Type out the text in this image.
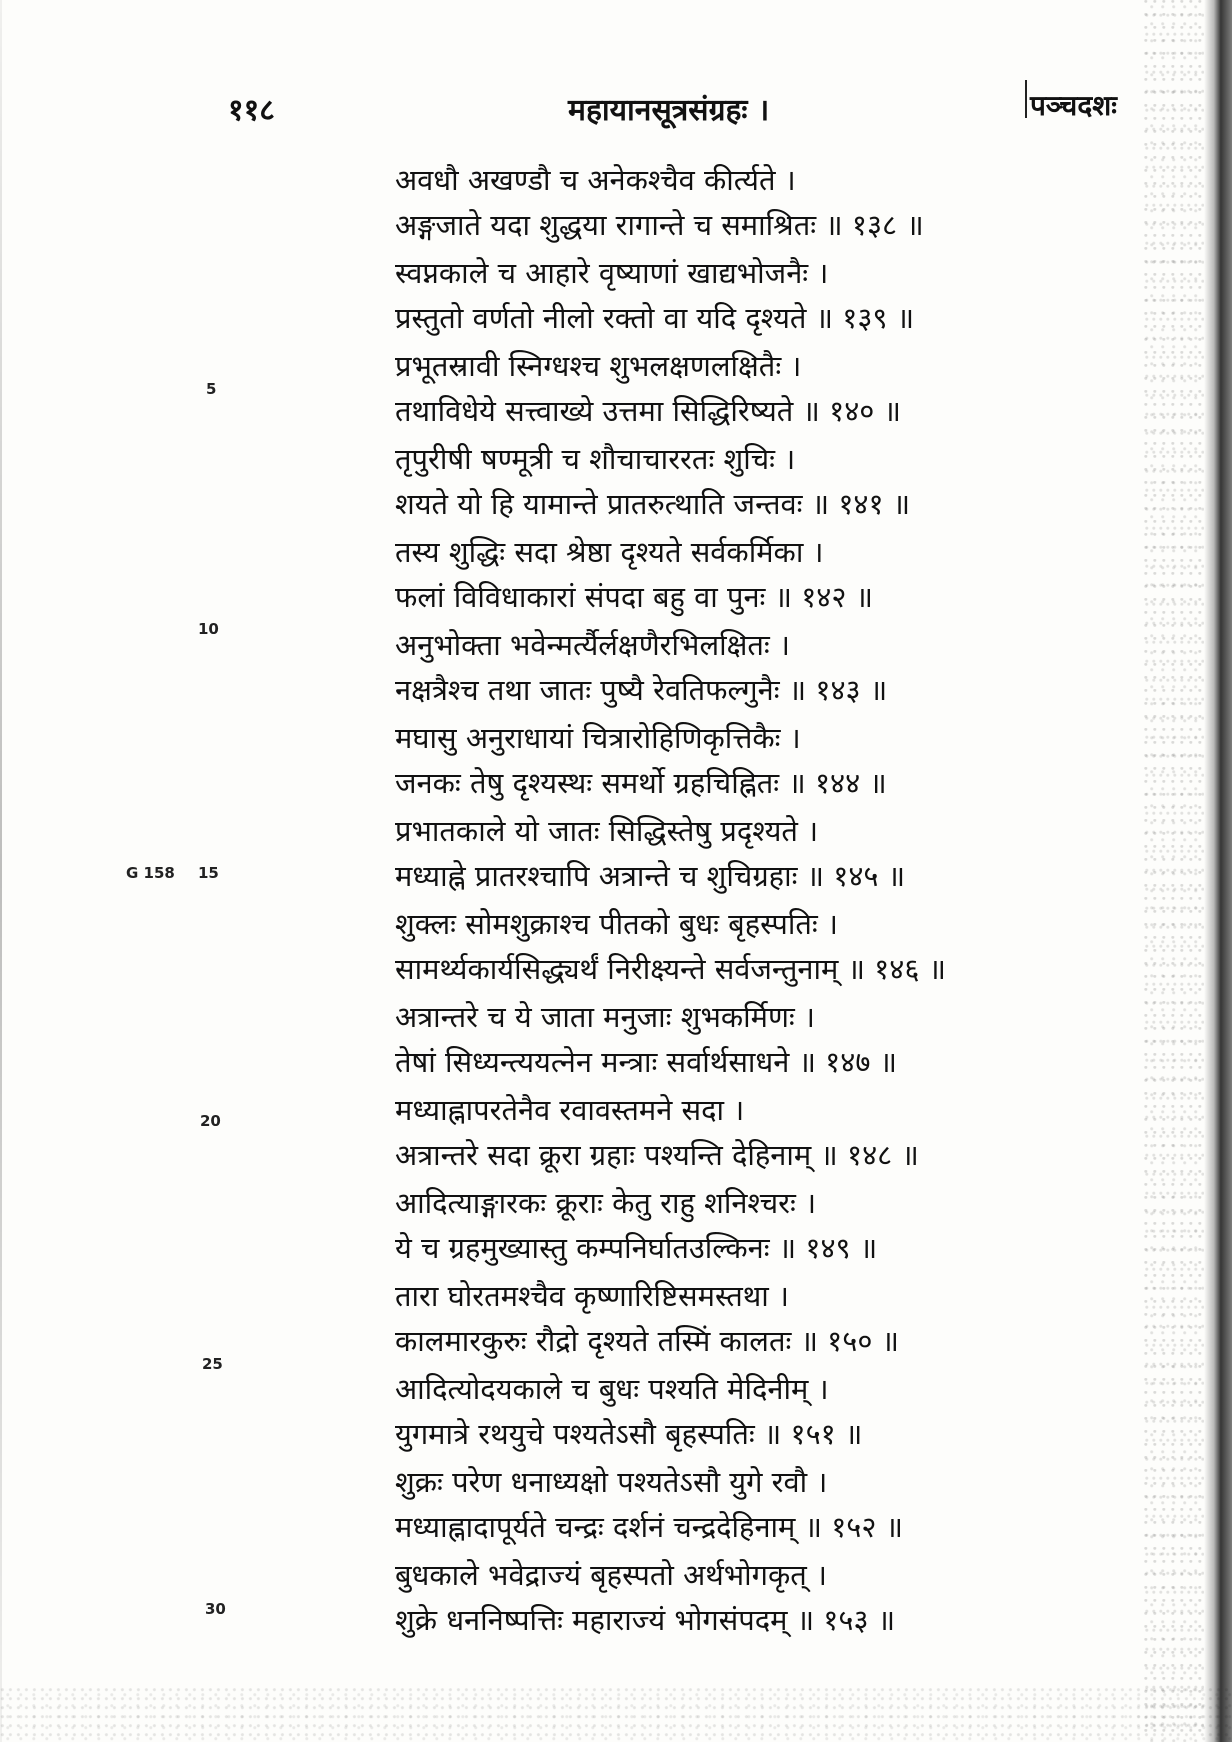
११८	महायानसूत्रसंग्रहः ।	पञ्चदशः
5
10
G 158 15
20
25
30
अवधौ अखण्डौ च अनेकश्चैव कीर्त्यते ।
अङ्गजाते यदा शुद्धया रागान्ते च समाश्रितः ॥ १३८ ॥
स्वप्नकाले च आहारे वृष्याणां खाद्यभोजनैः ।
प्रस्तुतो वर्णतो नीलो रक्तो वा यदि दृश्यते ॥ १३९ ॥
प्रभूतस्रावी स्निग्धश्च शुभलक्षणलक्षितैः ।
तथाविधेये सत्त्वाख्ये उत्तमा सिद्धिरिष्यते ॥ १४० ॥
तृपुरीषी षण्मूत्री च शौचाचाररतः शुचिः ।
शयते यो हि यामान्ते प्रातरुत्थाति जन्तवः ॥ १४१ ॥
तस्य शुद्धिः सदा श्रेष्ठा दृश्यते सर्वकर्मिका ।
फलां विविधाकारां संपदा बहु वा पुनः ॥ १४२ ॥
अनुभोक्ता भवेन्मर्त्यैर्लक्षणैरभिलक्षितः ।
नक्षत्रैश्च तथा जातः पुष्यै रेवतिफल्गुनैः ॥ १४३ ॥
मघासु अनुराधायां चित्रारोहिणिकृत्तिकैः ।
जनकः तेषु दृश्यस्थः समर्थो ग्रहचिह्नितः ॥ १४४ ॥
प्रभातकाले यो जातः सिद्धिस्तेषु प्रदृश्यते ।
मध्याह्ने प्रातरश्चापि अत्रान्ते च शुचिग्रहाः ॥ १४५ ॥
शुक्लः सोमशुक्राश्च पीतको बुधः बृहस्पतिः ।
सामर्थ्यकार्यसिद्ध्यर्थं निरीक्ष्यन्ते सर्वजन्तुनाम् ॥ १४६ ॥
अत्रान्तरे च ये जाता मनुजाः शुभकर्मिणः ।
तेषां सिध्यन्त्ययत्नेन मन्त्राः सर्वार्थसाधने ॥ १४७ ॥
मध्याह्नापरतेनैव रवावस्तमने सदा ।
अत्रान्तरे सदा क्रूरा ग्रहाः पश्यन्ति देहिनाम् ॥ १४८ ॥
आदित्याङ्गारकः क्रूराः केतु राहु शनिश्चरः ।
ये च ग्रहमुख्यास्तु कम्पनिर्घातउल्किनः ॥ १४९ ॥
तारा घोरतमश्चैव कृष्णारिष्टिसमस्तथा ।
कालमारकुरुः रौद्रो दृश्यते तस्मिं कालतः ॥ १५० ॥
आदित्योदयकाले च बुधः पश्यति मेदिनीम् ।
युगमात्रे रथयुचे पश्यतेऽसौ बृहस्पतिः ॥ १५१ ॥
शुक्रः परेण धनाध्यक्षो पश्यतेऽसौ युगे रवौ ।
मध्याह्नादापूर्यते चन्द्रः दर्शनं चन्द्रदेहिनाम् ॥ १५२ ॥
बुधकाले भवेद्राज्यं बृहस्पतो अर्थभोगकृत् ।
शुक्रे धननिष्पत्तिः महाराज्यं भोगसंपदम् ॥ १५३ ॥
